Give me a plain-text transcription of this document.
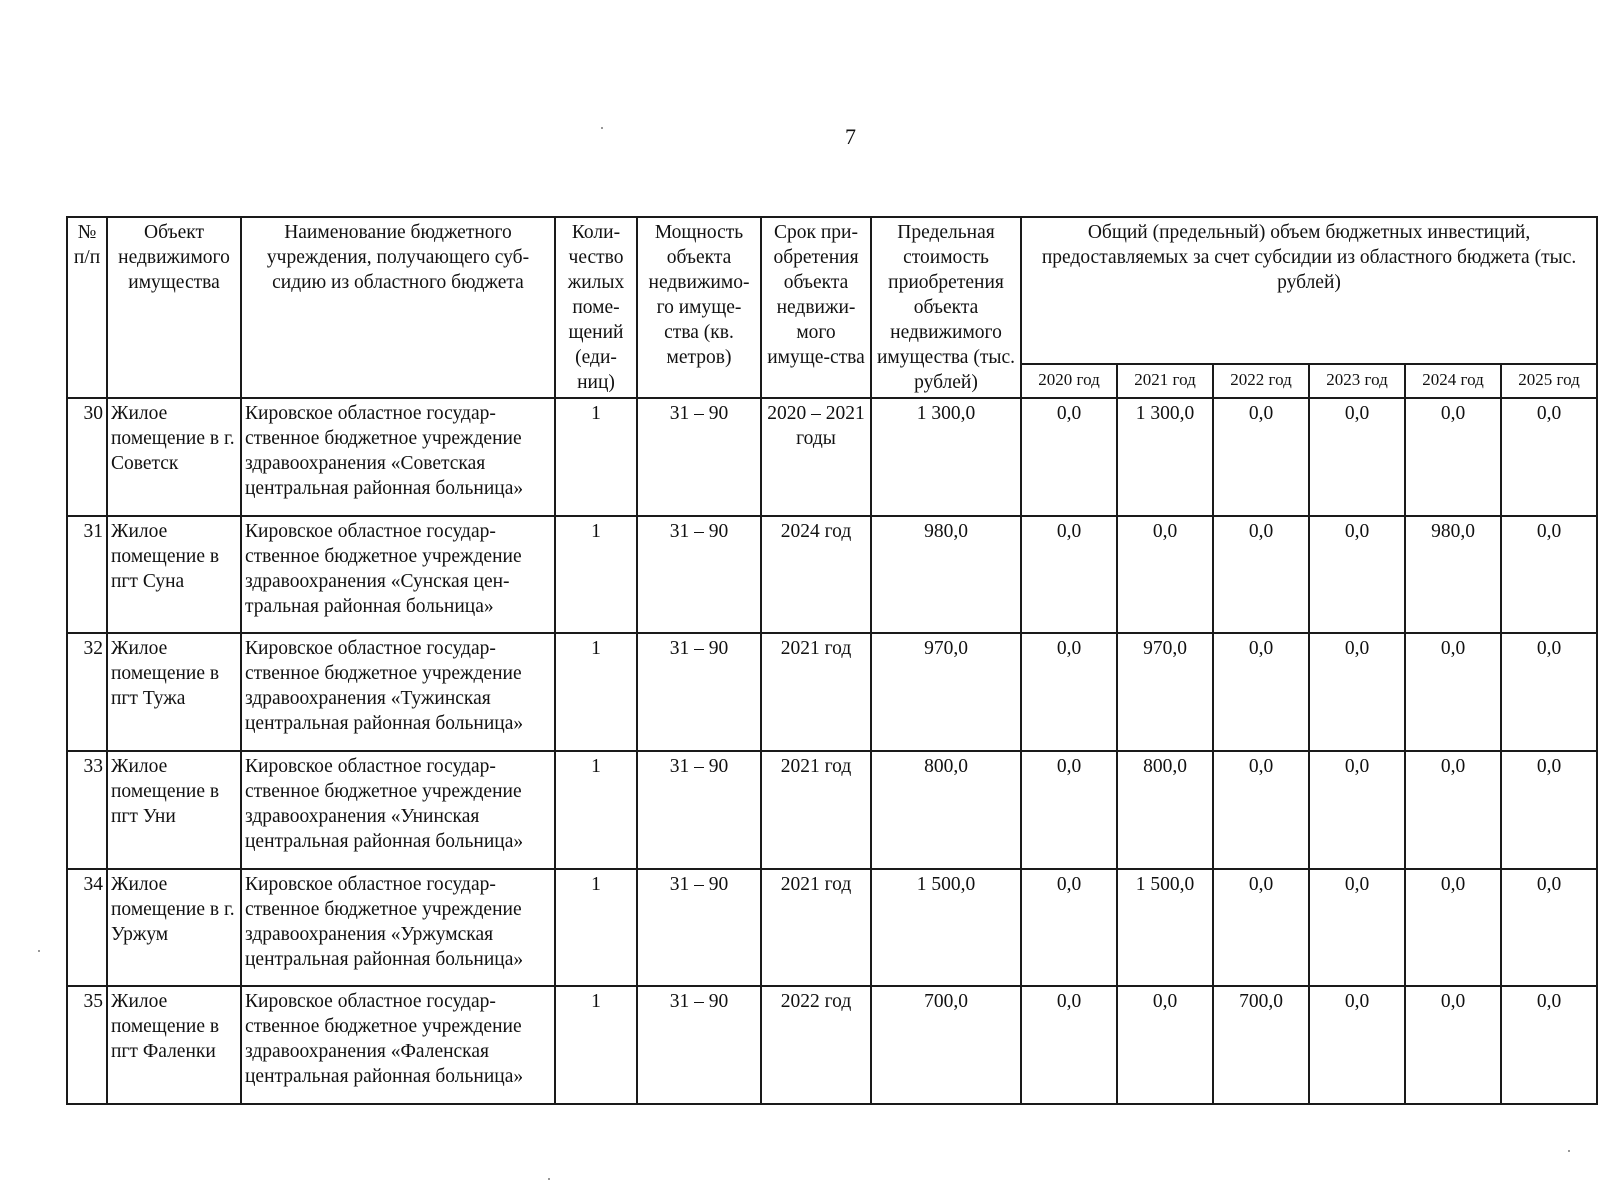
7
№ п/п	Объект недвижимого имущества	Наименование бюджетного учреждения, получающего суб-сидию из областного бюджета	Коли-чество жилых поме-щений (еди-ниц)	Мощность объекта недвижимо-го имуще-ства (кв. метров)	Срок при-обретения объекта недвижи-мого имуще-ства	Предельная стоимость приобретения объекта недвижимого имущества (тыс. рублей)	Общий (предельный) объем бюджетных инвестиций, предоставляемых за счет субсидии из областного бюджета (тыс. рублей)					
							2020 год	2021 год	2022 год	2023 год	2024 год	2025 год
30	Жилое помещение в г. Советск	Кировское областное государ-ственное бюджетное учреждение здравоохранения «Советская центральная районная больница»	1	31 – 90	2020 – 2021 годы	1 300,0	0,0	1 300,0	0,0	0,0	0,0	0,0
31	Жилое помещение в пгт Суна	Кировское областное государ-ственное бюджетное учреждение здравоохранения «Сунская цен-тральная районная больница»	1	31 – 90	2024 год	980,0	0,0	0,0	0,0	0,0	980,0	0,0
32	Жилое помещение в пгт Тужа	Кировское областное государ-ственное бюджетное учреждение здравоохранения «Тужинская центральная районная больница»	1	31 – 90	2021 год	970,0	0,0	970,0	0,0	0,0	0,0	0,0
33	Жилое помещение в пгт Уни	Кировское областное государ-ственное бюджетное учреждение здравоохранения «Унинская центральная районная больница»	1	31 – 90	2021 год	800,0	0,0	800,0	0,0	0,0	0,0	0,0
34	Жилое помещение в г. Уржум	Кировское областное государ-ственное бюджетное учреждение здравоохранения «Уржумская центральная районная больница»	1	31 – 90	2021 год	1 500,0	0,0	1 500,0	0,0	0,0	0,0	0,0
35	Жилое помещение в пгт Фаленки	Кировское областное государ-ственное бюджетное учреждение здравоохранения «Фаленская центральная районная больница»	1	31 – 90	2022 год	700,0	0,0	0,0	700,0	0,0	0,0	0,0
